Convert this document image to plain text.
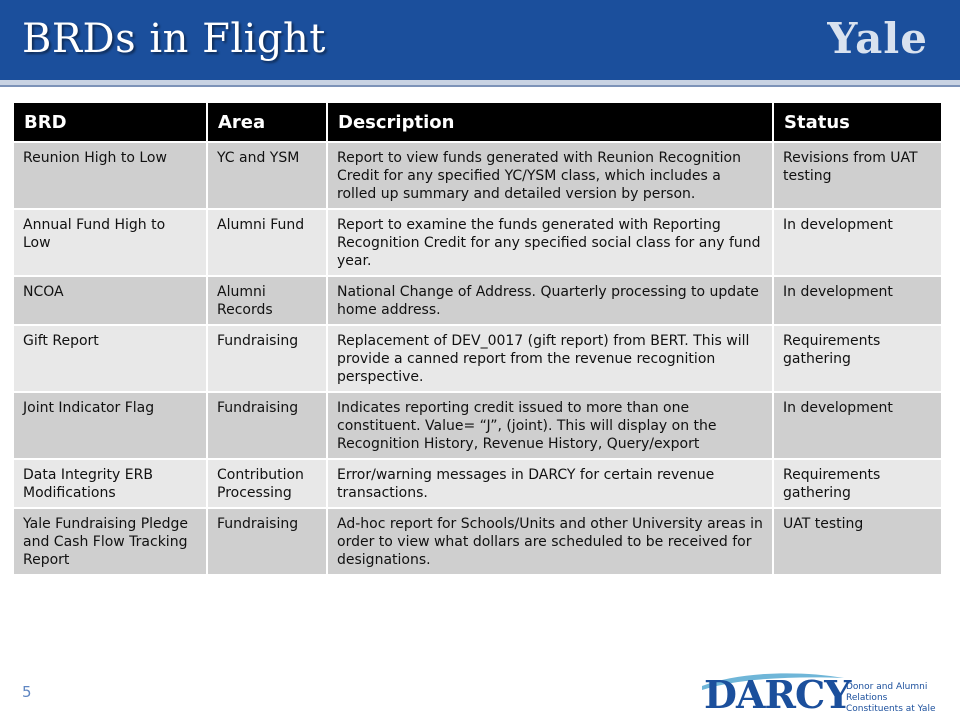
BRDs in Flight	Yale
BRD	Area	Description	Status
Reunion High to Low	YC and YSM	Report to view funds generated with Reunion Recognition Credit for any specified YC/YSM class, which includes a rolled up summary and detailed version by person.	Revisions from UAT testing
Annual Fund High to Low	Alumni Fund	Report to examine the funds generated with Reporting Recognition Credit for any specified social class for any fund year.	In development
NCOA	Alumni Records	National Change of Address. Quarterly processing to update home address.	In development
Gift Report	Fundraising	Replacement of DEV_0017 (gift report) from BERT. This will provide a canned report from the revenue recognition perspective.	Requirements gathering
Joint Indicator Flag	Fundraising	Indicates reporting credit issued to more than one constituent. Value= “J”, (joint). This will display on the Recognition History, Revenue History, Query/export	In development
Data Integrity ERB Modifications	Contribution Processing	Error/warning messages in DARCY for certain revenue transactions.	Requirements gathering
Yale Fundraising Pledge and Cash Flow Tracking Report	Fundraising	Ad-hoc report for Schools/Units and other University areas in order to view what dollars are scheduled to be received for designations.	UAT testing
5	DARCY
Donor and Alumni Relations
Constituents at Yale
